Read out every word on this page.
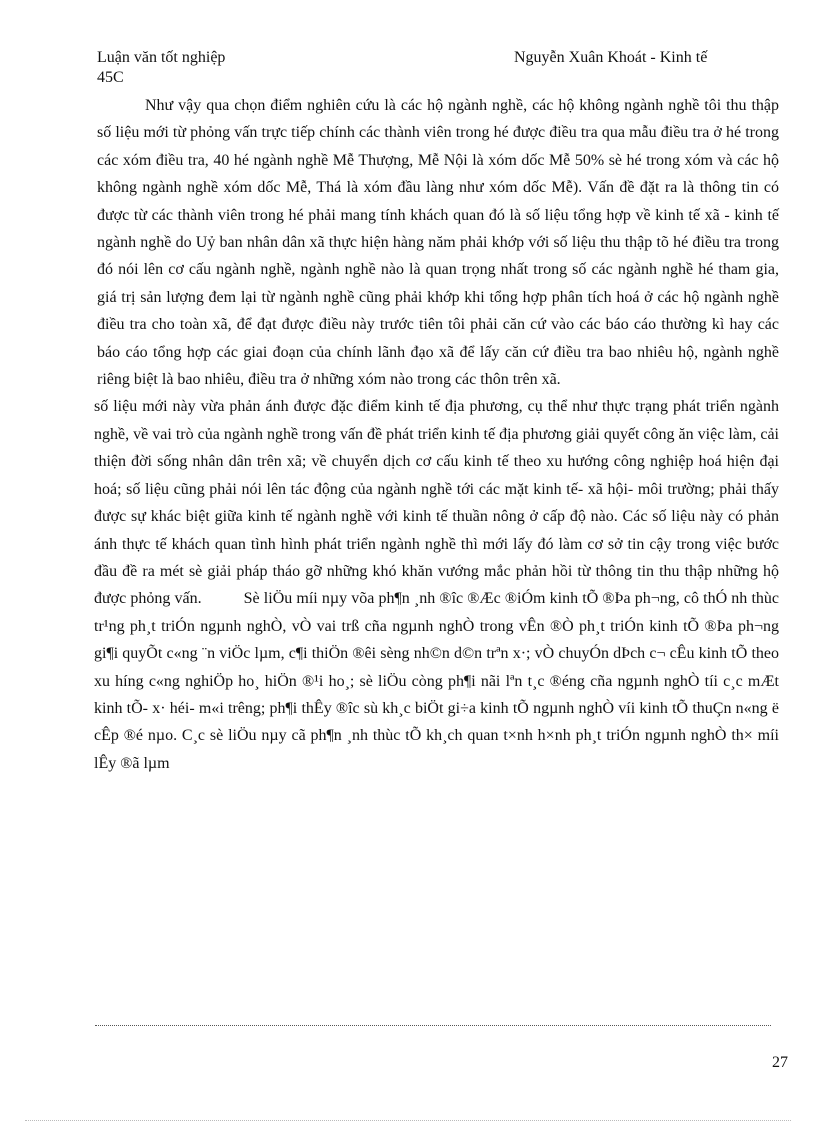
Luận văn tốt nghiệp	Nguyễn Xuân Khoát - Kinh tế
45C

Như vậy qua chọn điểm nghiên cứu là các hộ ngành nghề, các hộ không ngành nghề tôi thu thập số liệu mới từ phỏng vấn trực tiếp chính các thành viên trong hé được điều tra qua mẫu điều tra ở hé trong các xóm điều tra, 40 hé ngành nghề Mễ Thượng, Mễ Nội là xóm dốc Mễ 50% sè hé trong xóm và các hộ không ngành nghề xóm dốc Mễ, Thá là xóm đầu làng như xóm dốc Mễ). Vấn đề đặt ra là thông tin có được từ các thành viên trong hé phải mang tính khách quan đó là số liệu tổng hợp về kinh tế xã - kinh tế ngành nghề do Uỷ ban nhân dân xã thực hiện hàng năm phải khớp với số liệu thu thập tõ hé điều tra trong đó nói lên cơ cấu ngành nghề, ngành nghề nào là quan trọng nhất trong số các ngành nghề hé tham gia, giá trị sản lượng đem lại từ ngành nghề cũng phải khớp khi tổng hợp phân tích hoá ở các hộ ngành nghề điều tra cho toàn xã, để đạt được điều này trước tiên tôi phải căn cứ vào các báo cáo thường kì hay các báo cáo tổng hợp các giai đoạn của chính lãnh đạo xã để lấy căn cứ điều tra bao nhiêu hộ, ngành nghề riêng biệt là bao nhiêu, điều tra ở những xóm nào trong các thôn trên xã.

số liệu mới này vừa phản ánh được đặc điểm kinh tế địa phương, cụ thể như thực trạng phát triển ngành nghề, về vai trò của ngành nghề trong vấn đề phát triển kinh tế địa phương giải quyết công ăn việc làm, cải thiện đời sống nhân dân trên xã; về chuyển dịch cơ cấu kinh tế theo xu hướng công nghiệp hoá hiện đại hoá; số liệu cũng phải nói lên tác động của ngành nghề tới các mặt kinh tế- xã hội- môi trường; phải thấy được sự khác biệt giữa kinh tế ngành nghề với kinh tế thuần nông ở cấp độ nào. Các số liệu này có phản ánh thực tế khách quan tình hình phát triển ngành nghề thì mới lấy đó làm cơ sở tin cậy trong việc bước đầu đề ra mét sè giải pháp tháo gỡ những khó khăn vướng mắc phản hồi từ thông tin thu thập những hộ được phỏng vấn.	Sè liÖu míi nµy võa ph¶n ¸nh ®îc ®Æc ®iÓm kinh tÕ ®Þa ph¬ng, cô thÓ nh thùc tr¹ng ph¸t triÓn ngµnh nghÒ, vÒ vai trß cña ngµnh nghÒ trong vÊn ®Ò ph¸t triÓn kinh tÕ ®Þa ph¬ng gi¶i quyÕt c«ng ¨n viÖc lµm, c¶i thiÖn ®êi sèng nh©n d©n trªn x·; vÒ chuyÓn dÞch c¬ cÊu kinh tÕ theo xu híng c«ng nghiÖp ho¸ hiÖn ®¹i ho¸; sè liÖu còng ph¶i nãi lªn t¸c ®éng cña ngµnh nghÒ tíi c¸c mÆt kinh tÕ- x· héi- m«i trêng; ph¶i thÊy ®îc sù kh¸c biÖt gi÷a kinh tÕ ngµnh nghÒ víi kinh tÕ thuÇn n«ng ë cÊp ®é nµo. C¸c sè liÖu nµy cã ph¶n ¸nh thùc tÕ kh¸ch quan t×nh h×nh ph¸t triÓn ngµnh nghÒ th× míi lÊy ®ã lµm

27
